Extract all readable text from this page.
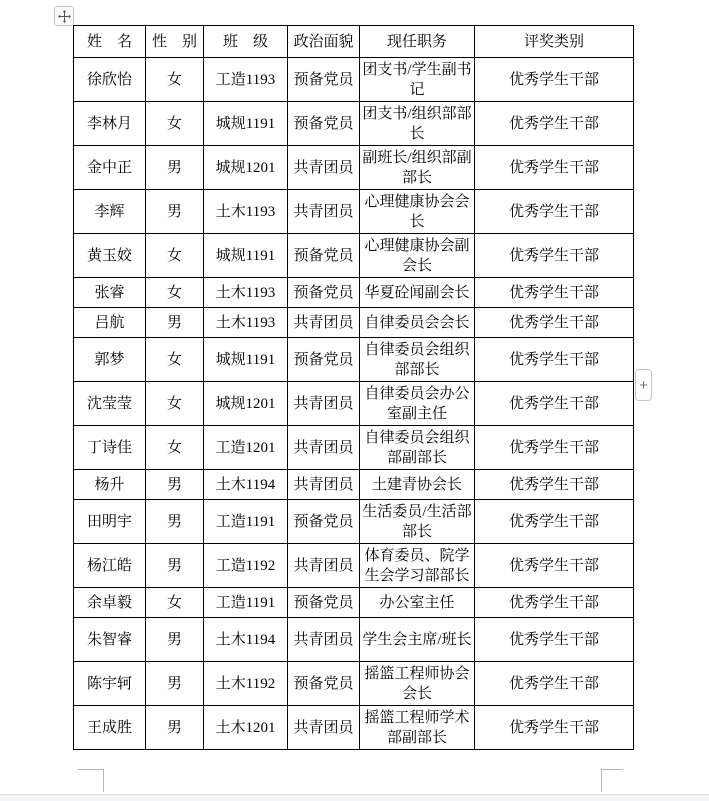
姓　名	性　别	班　级	政治面貌	现任职务	评奖类别
徐欣怡	女	工造1193	预备党员	团支书/学生副书记	优秀学生干部
李林月	女	城规1191	预备党员	团支书/组织部部长	优秀学生干部
金中正	男	城规1201	共青团员	副班长/组织部副部长	优秀学生干部
李辉	男	土木1193	共青团员	心理健康协会会长	优秀学生干部
黄玉姣	女	城规1191	预备党员	心理健康协会副会长	优秀学生干部
张睿	女	土木1193	预备党员	华夏砼闻副会长	优秀学生干部
吕航	男	土木1193	共青团员	自律委员会会长	优秀学生干部
郭梦	女	城规1191	预备党员	自律委员会组织部部长	优秀学生干部
沈莹莹	女	城规1201	共青团员	自律委员会办公室副主任	优秀学生干部
丁诗佳	女	工造1201	共青团员	自律委员会组织部副部长	优秀学生干部
杨升	男	土木1194	共青团员	土建青协会长	优秀学生干部
田明宇	男	工造1191	预备党员	生活委员/生活部部长	优秀学生干部
杨江皓	男	工造1192	共青团员	体育委员、院学生会学习部部长	优秀学生干部
余卓毅	女	工造1191	预备党员	办公室主任	优秀学生干部
朱智睿	男	土木1194	共青团员	学生会主席/班长	优秀学生干部
陈宇轲	男	土木1192	预备党员	摇篮工程师协会会长	优秀学生干部
王成胜	男	土木1201	共青团员	摇篮工程师学术部副部长	优秀学生干部
+
